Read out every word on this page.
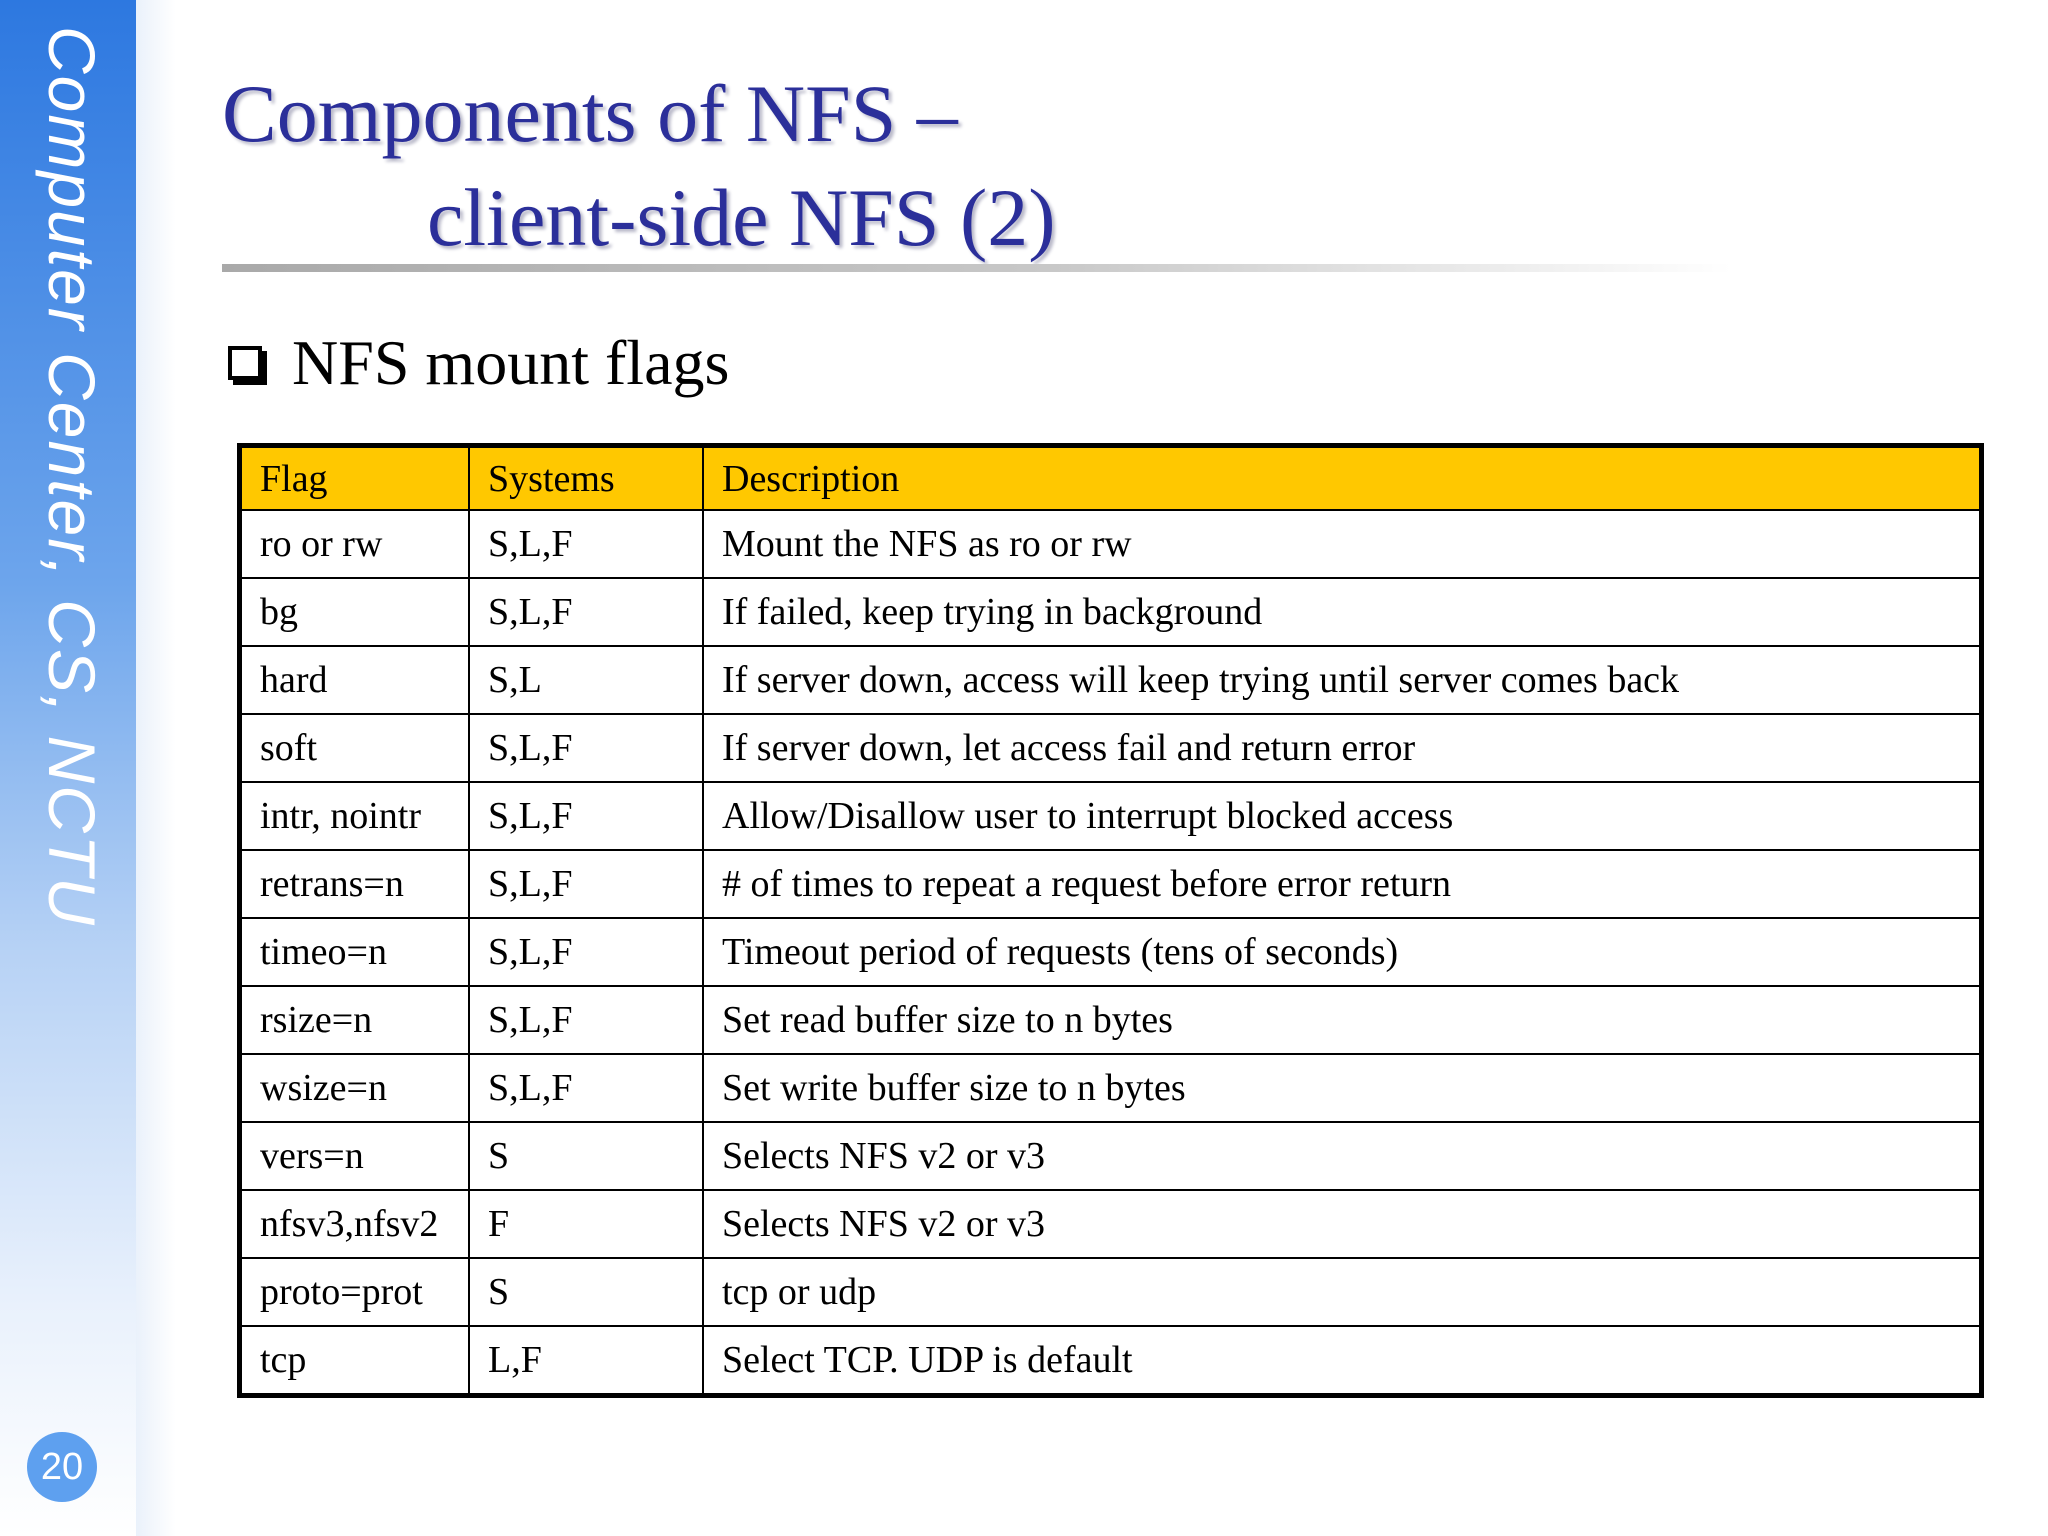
Computer Center, CS, NCTU
20
Components of NFS –
client-side NFS (2)
NFS mount flags
Flag	Systems	Description
ro or rw	S,L,F	Mount the NFS as ro or rw
bg	S,L,F	If failed, keep trying in background
hard	S,L	If server down, access will keep trying until server comes back
soft	S,L,F	If server down, let access fail and return error
intr, nointr	S,L,F	Allow/Disallow user to interrupt blocked access
retrans=n	S,L,F	# of times to repeat a request before error return
timeo=n	S,L,F	Timeout period of requests (tens of seconds)
rsize=n	S,L,F	Set read buffer size to n bytes
wsize=n	S,L,F	Set write buffer size to n bytes
vers=n	S	Selects NFS v2 or v3
nfsv3,nfsv2	F	Selects NFS v2 or v3
proto=prot	S	tcp or udp
tcp	L,F	Select TCP. UDP is default
